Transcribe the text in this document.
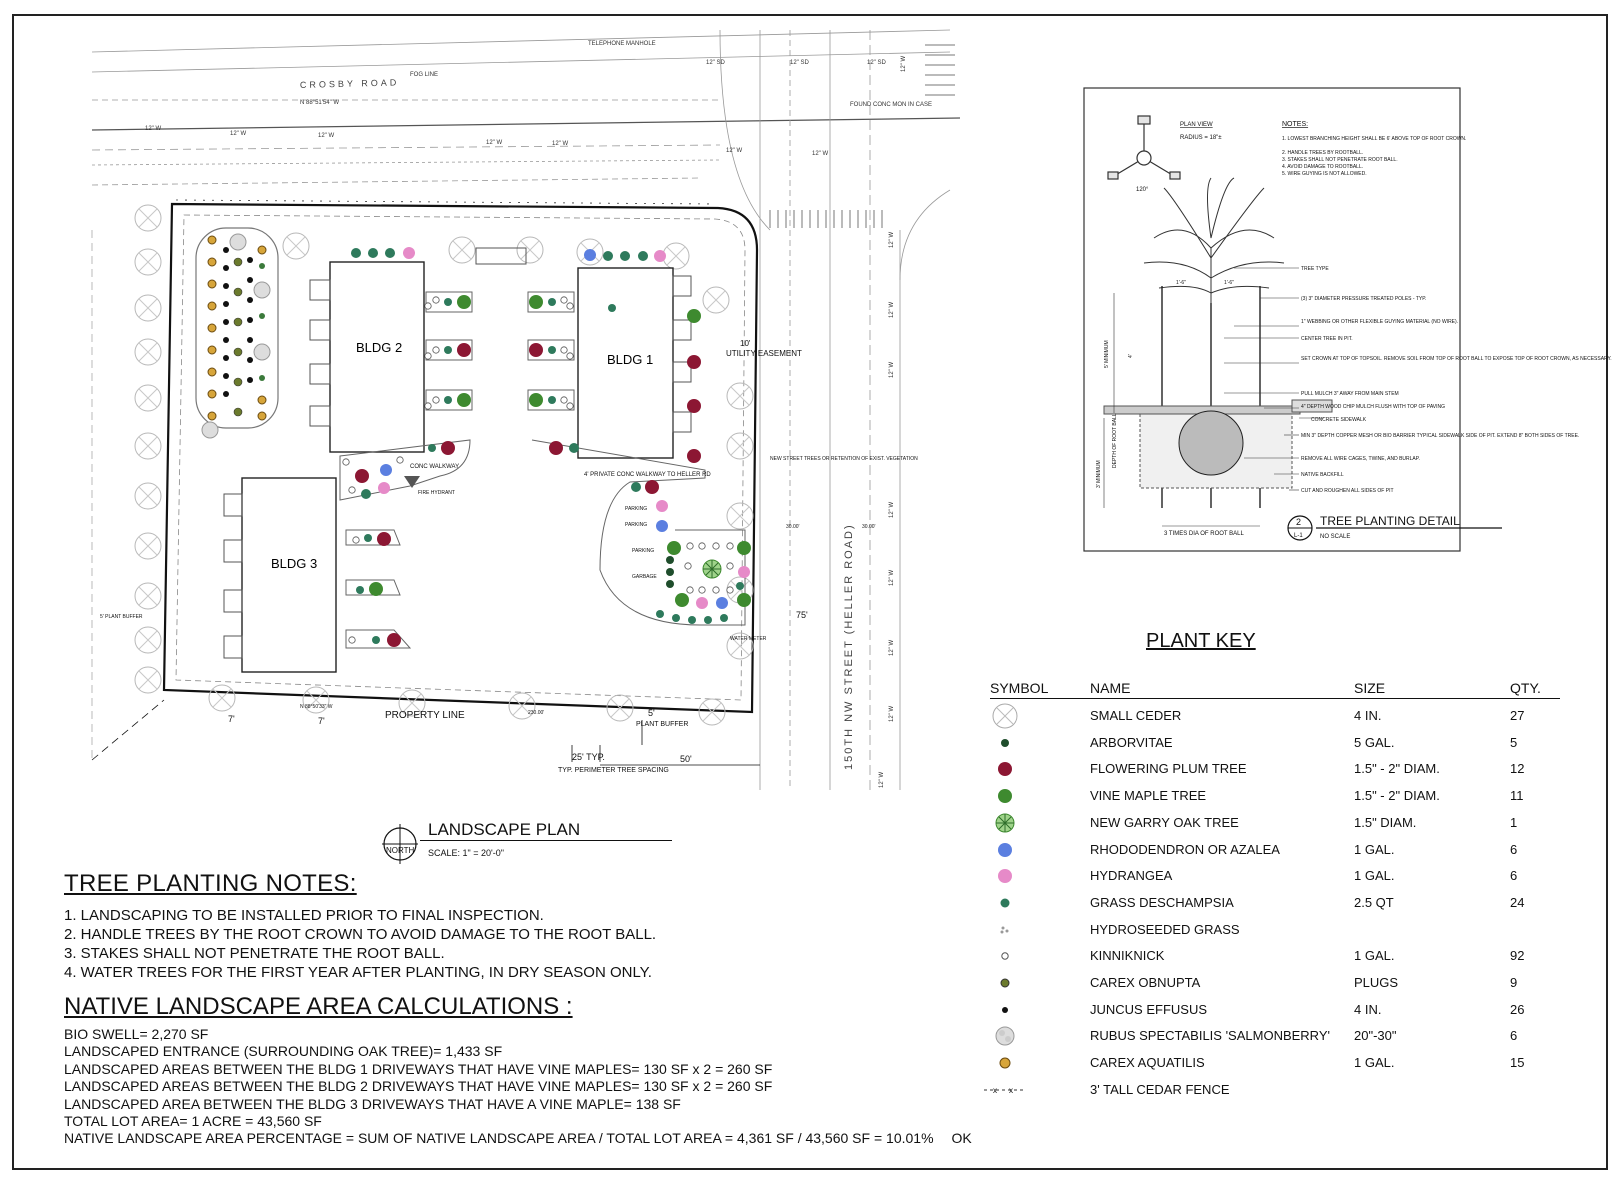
CROSBY ROAD
N 88°51'54" W
TELEPHONE MANHOLE
FOG LINE
FOUND CONC MON IN CASE
12" W
12" W	12" W
12" W	12" W
12" W	12" W
12" SD	12" SD	12" SD	12" W
12" W
12" W
12" W
12" W
12" W
12" W
12" W
12" W
150TH NW STREET (HELLER ROAD)
BLDG 2
BLDG 1
BLDG 3
UTILITY EASEMENT
10'
CONC WALKWAY
FIRE HYDRANT
4' PRIVATE CONC WALKWAY TO HELLER RD
PARKING
PARKING
PARKING
GARBAGE
WATER METER
NEW STREET TREES OR RETENTION OF EXIST. VEGETATION
5' PLANT BUFFER
PROPERTY LINE
N 88°50'33" W
230.00'
7'	7'
5'
PLANT BUFFER
25' TYP.
TYP. PERIMETER TREE SPACING
50'
75'
30.00'	30.00'
NORTH
LANDSCAPE PLAN
SCALE: 1" = 20'-0"
PLAN VIEW
RADIUS = 18"±
120°
NOTES:
1. LOWEST BRANCHING HEIGHT SHALL BE 6' ABOVE TOP OF ROOT CROWN.
2. HANDLE TREES BY ROOTBALL.
3. STAKES SHALL NOT PENETRATE ROOT BALL.
4. AVOID DAMAGE TO ROOTBALL.
5. WIRE GUYING IS NOT ALLOWED.
TREE TYPE
(3) 3" DIAMETER PRESSURE TREATED POLES - TYP.
1" WEBBING OR OTHER FLEXIBLE GUYING MATERIAL (NO WIRE).
CENTER TREE IN PIT.
SET CROWN AT TOP OF TOPSOIL. REMOVE SOIL FROM TOP OF ROOT BALL TO EXPOSE TOP OF ROOT CROWN, AS NECESSARY.
PULL MULCH 3" AWAY FROM MAIN STEM
4" DEPTH WOOD CHIP MULCH FLUSH WITH TOP OF PAVING
CONCRETE SIDEWALK
MIN 3" DEPTH COPPER MESH OR BIO BARRIER TYPICAL SIDEWALK SIDE OF PIT. EXTEND 8" BOTH SIDES OF TREE.
REMOVE ALL WIRE CAGES, TWINE, AND BURLAP.
NATIVE BACKFILL
CUT AND ROUGHEN ALL SIDES OF PIT
1'-6"	1'-6"
5' MINIMUM	4'
DEPTH OF ROOT BALL
3' MINIMUM
3 TIMES DIA OF ROOT BALL
2
L-1
TREE PLANTING DETAIL
NO SCALE
PLANT KEY
SYMBOL	NAME	SIZE	QTY.
SMALL CEDER	4 IN.	27
ARBORVITAE	5 GAL.	5
FLOWERING PLUM TREE	1.5" - 2" DIAM.	12
VINE MAPLE TREE	1.5" - 2" DIAM.	11
NEW GARRY OAK TREE	1.5" DIAM.	1
RHODODENDRON OR AZALEA	1 GAL.	6
HYDRANGEA	1 GAL.	6
GRASS DESCHAMPSIA	2.5 QT	24
HYDROSEEDED GRASS
KINNIKNICK	1 GAL.	92
CAREX OBNUPTA	PLUGS	9
JUNCUS EFFUSUS	4 IN.	26
RUBUS SPECTABILIS 'SALMONBERRY' 20"-30"	6
CAREX AQUATILIS	1 GAL.	15
x x	3' TALL CEDAR FENCE
TREE PLANTING NOTES:
1. LANDSCAPING TO BE INSTALLED PRIOR TO FINAL INSPECTION.
2. HANDLE TREES BY THE ROOT CROWN TO AVOID DAMAGE TO THE ROOT BALL.
3. STAKES SHALL NOT PENETRATE THE ROOT BALL.
4. WATER TREES FOR THE FIRST YEAR AFTER PLANTING, IN DRY SEASON ONLY.
NATIVE LANDSCAPE AREA CALCULATIONS :
BIO SWELL= 2,270 SF
LANDSCAPED ENTRANCE (SURROUNDING OAK TREE)= 1,433 SF
LANDSCAPED AREAS BETWEEN THE BLDG 1 DRIVEWAYS THAT HAVE VINE MAPLES= 130 SF x 2 = 260 SF
LANDSCAPED AREAS BETWEEN THE BLDG 2 DRIVEWAYS THAT HAVE VINE MAPLES= 130 SF x 2 = 260 SF
LANDSCAPED AREA BETWEEN THE BLDG 3 DRIVEWAYS THAT HAVE A VINE MAPLE= 138 SF
TOTAL LOT AREA= 1 ACRE = 43,560 SF
NATIVE LANDSCAPE AREA PERCENTAGE = SUM OF NATIVE LANDSCAPE AREA / TOTAL LOT AREA = 4,361 SF / 43,560 SF = 10.01% OK
